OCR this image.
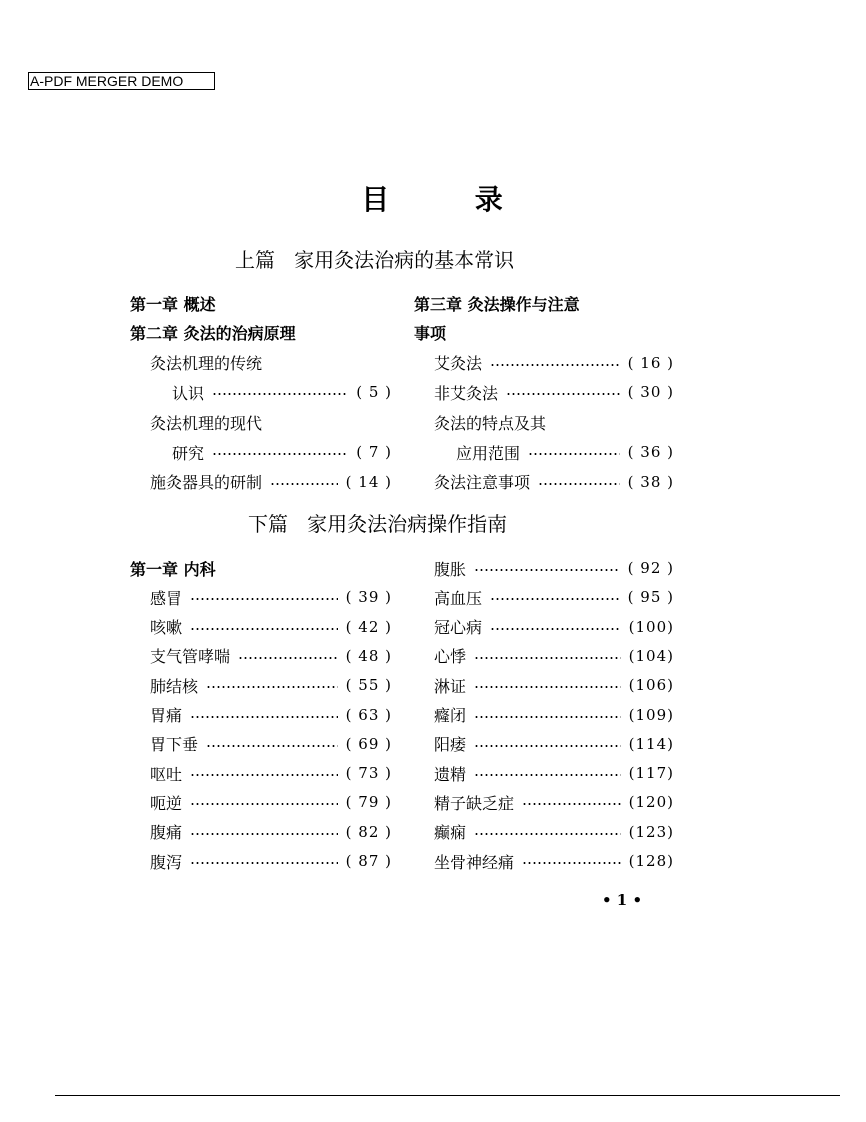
A-PDF MERGER DEMO
目	录
上篇   家用灸法治病的基本常识
下篇   家用灸法治病操作指南
第一章 概述
第二章 灸法的治病原理
灸法机理的传统
认识	( 5 )
灸法机理的现代
研究	( 7 )
施灸器具的研制	( 14 )
第三章 灸法操作与注意
事项
艾灸法	( 16 )
非艾灸法	( 30 )
灸法的特点及其
应用范围	( 36 )
灸法注意事项	( 38 )
第一章 内科
感冒	( 39 )
咳嗽	( 42 )
支气管哮喘	( 48 )
肺结核	( 55 )
胃痛	( 63 )
胃下垂	( 69 )
呕吐	( 73 )
呃逆	( 79 )
腹痛	( 82 )
腹泻	( 87 )
腹胀	( 92 )
高血压	( 95 )
冠心病	(100)
心悸	(104)
淋证	(106)
癃闭	(109)
阳痿	(114)
遗精	(117)
精子缺乏症	(120)
癫痫	(123)
坐骨神经痛	(128)
• 1 •
